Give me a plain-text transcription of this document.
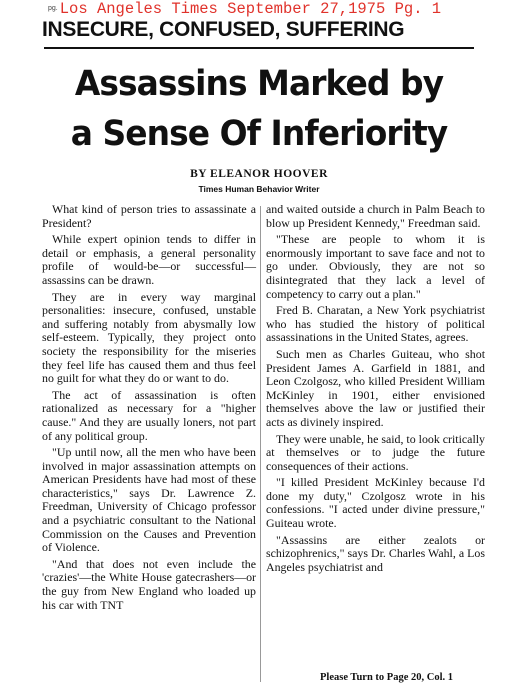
pg. Los Angeles Times September 27,1975 Pg. 1
INSECURE, CONFUSED, SUFFERING
Assassins Marked by
a Sense Of Inferiority
BY ELEANOR HOOVER
Times Human Behavior Writer

What kind of person tries to assassinate a President?

While expert opinion tends to differ in detail or emphasis, a general personality profile of would-be—or successful—assassins can be drawn.

They are in every way marginal personalities: insecure, confused, unstable and suffering notably from abysmally low self-esteem. Typically, they project onto society the responsibility for the miseries they feel life has caused them and thus feel no guilt for what they do or want to do.

The act of assassination is often rationalized as necessary for a "higher cause." And they are usually loners, not part of any political group.

"Up until now, all the men who have been involved in major assassination attempts on American Presidents have had most of these characteristics," says Dr. Lawrence Z. Freedman, University of Chicago professor and a psychiatric consultant to the National Commission on the Causes and Prevention of Violence.

"And that does not even include the 'crazies'—the White House gatecrashers—or the guy from New England who loaded up his car with TNT

and waited outside a church in Palm Beach to blow up President Kennedy," Freedman said.

"These are people to whom it is enormously important to save face and not to go under. Obviously, they are not so disintegrated that they lack a level of competency to carry out a plan."

Fred B. Charatan, a New York psychiatrist who has studied the history of political assassinations in the United States, agrees.

Such men as Charles Guiteau, who shot President James A. Garfield in 1881, and Leon Czolgosz, who killed President William McKinley in 1901, either envisioned themselves above the law or justified their acts as divinely inspired.

They were unable, he said, to look critically at themselves or to judge the future consequences of their actions.

"I killed President McKinley because I'd done my duty," Czolgosz wrote in his confessions. "I acted under divine pressure," Guiteau wrote.

"Assassins are either zealots or schizophrenics," says Dr. Charles Wahl, a Los Angeles psychiatrist and

Please Turn to Page 20, Col. 1
